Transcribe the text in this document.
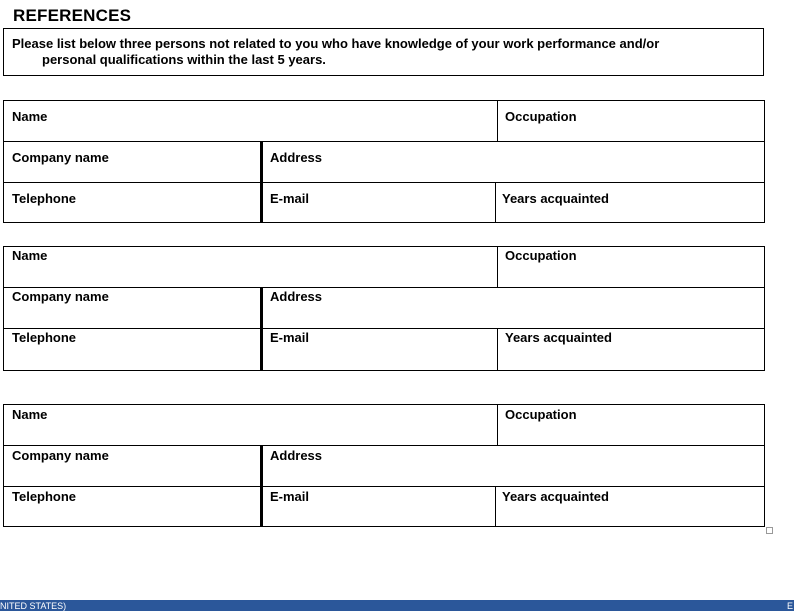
REFERENCES
Please list below three persons not related to you who have knowledge of your work performance and/or
personal qualifications within the last 5 years.
Name	Occupation
Company name	Address
Telephone	E-mail	Years acquainted
Name	Occupation
Company name	Address
Telephone	E-mail	Years acquainted
Name	Occupation
Company name	Address
Telephone	E-mail	Years acquainted
NITED STATES)	E
